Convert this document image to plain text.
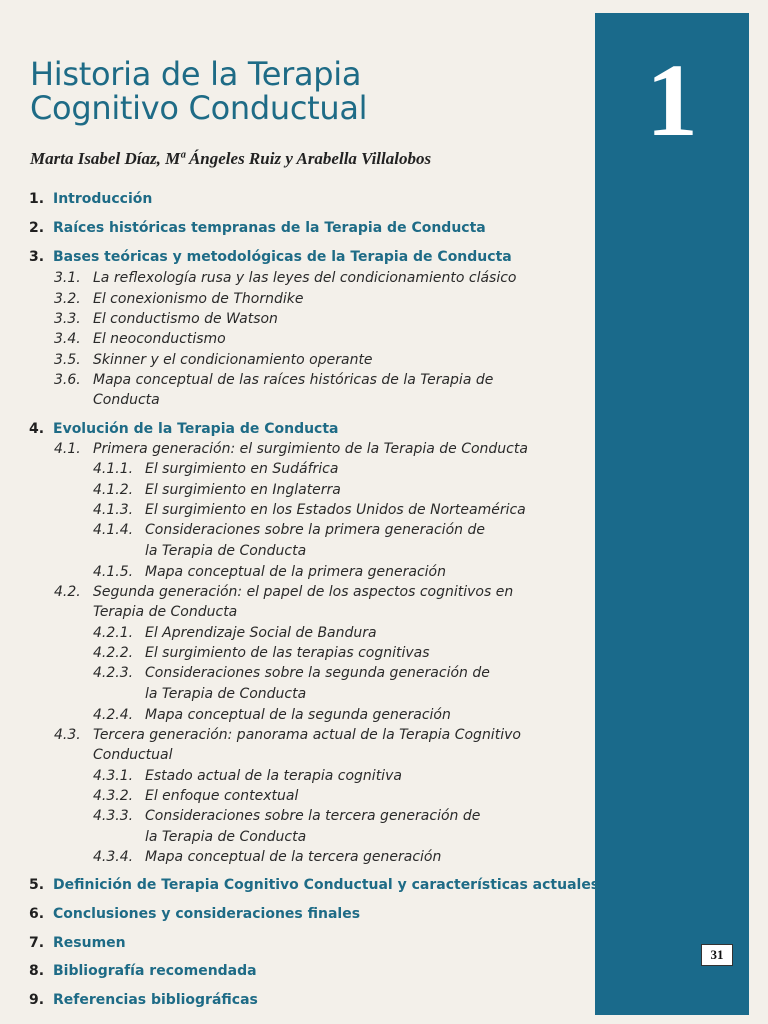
Historia de la Terapia
Cognitivo Conductual

Marta Isabel Díaz, Mª Ángeles Ruiz y Arabella Villalobos

1
31
1. Introducción
2. Raíces históricas tempranas de la Terapia de Conducta
3. Bases teóricas y metodológicas de la Terapia de Conducta
3.1. La reflexología rusa y las leyes del condicionamiento clásico
3.2. El conexionismo de Thorndike
3.3. El conductismo de Watson
3.4. El neoconductismo
3.5. Skinner y el condicionamiento operante
3.6. Mapa conceptual de las raíces históricas de la Terapia de
Conducta
4. Evolución de la Terapia de Conducta
4.1. Primera generación: el surgimiento de la Terapia de Conducta
4.1.1. El surgimiento en Sudáfrica
4.1.2. El surgimiento en Inglaterra
4.1.3. El surgimiento en los Estados Unidos de Norteamérica
4.1.4. Consideraciones sobre la primera generación de
la Terapia de Conducta
4.1.5. Mapa conceptual de la primera generación
4.2. Segunda generación: el papel de los aspectos cognitivos en
Terapia de Conducta
4.2.1. El Aprendizaje Social de Bandura
4.2.2. El surgimiento de las terapias cognitivas
4.2.3. Consideraciones sobre la segunda generación de
la Terapia de Conducta
4.2.4. Mapa conceptual de la segunda generación
4.3. Tercera generación: panorama actual de la Terapia Cognitivo
Conductual
4.3.1. Estado actual de la terapia cognitiva
4.3.2. El enfoque contextual
4.3.3. Consideraciones sobre la tercera generación de
la Terapia de Conducta
4.3.4. Mapa conceptual de la tercera generación
5. Definición de Terapia Cognitivo Conductual y características actuales
6. Conclusiones y consideraciones finales
7. Resumen
8. Bibliografía recomendada
9. Referencias bibliográficas
